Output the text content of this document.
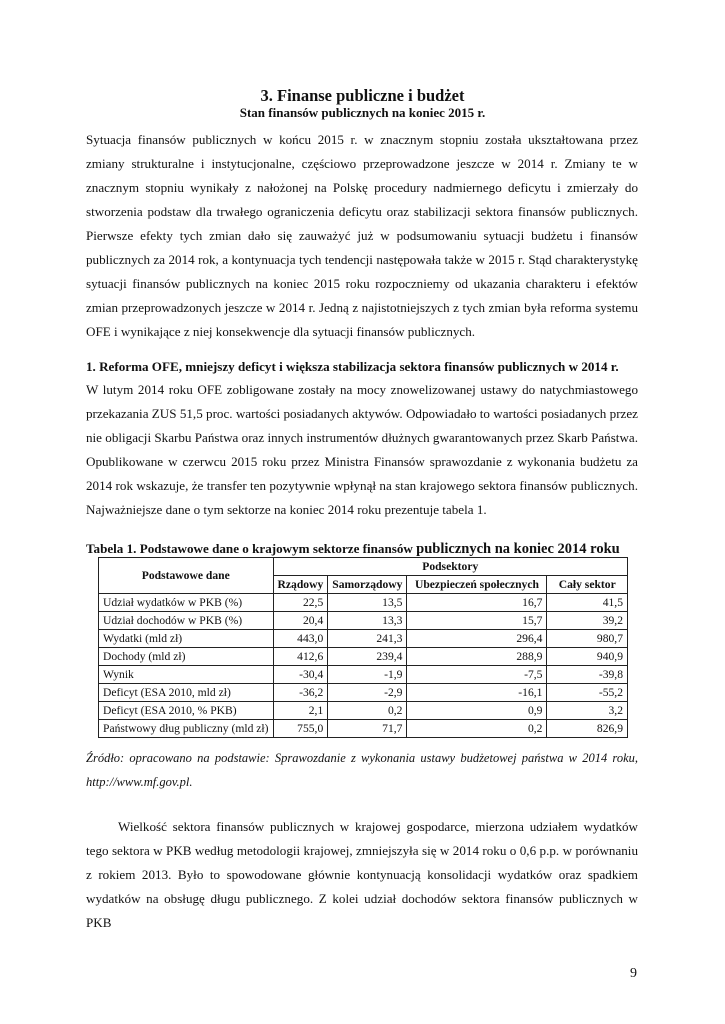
3. Finanse publiczne i budżet
Stan finansów publicznych na koniec 2015 r.

Sytuacja finansów publicznych w końcu 2015 r. w znacznym stopniu została ukształtowana przez zmiany strukturalne i instytucjonalne, częściowo przeprowadzone jeszcze w 2014 r. Zmiany te w znacznym stopniu wynikały z nałożonej na Polskę procedury nadmiernego deficytu i zmierzały do stworzenia podstaw dla trwałego ograniczenia deficytu oraz stabilizacji sektora finansów publicznych. Pierwsze efekty tych zmian dało się zauważyć już w podsumowaniu sytuacji budżetu i finansów publicznych za 2014 rok, a kontynuacja tych tendencji następowała także w 2015 r. Stąd charakterystykę sytuacji finansów publicznych na koniec 2015 roku rozpoczniemy od ukazania charakteru i efektów zmian przeprowadzonych jeszcze w 2014 r. Jedną z najistotniejszych z tych zmian była reforma systemu OFE i wynikające z niej konsekwencje dla sytuacji finansów publicznych.

1. Reforma OFE, mniejszy deficyt i większa stabilizacja sektora finansów publicznych w 2014 r.

W lutym 2014 roku OFE zobligowane zostały na mocy znowelizowanej ustawy do natychmiastowego przekazania ZUS 51,5 proc. wartości posiadanych aktywów. Odpowiadało to wartości posiadanych przez nie obligacji Skarbu Państwa oraz innych instrumentów dłużnych gwarantowanych przez Skarb Państwa. Opublikowane w czerwcu 2015 roku przez Ministra Finansów sprawozdanie z wykonania budżetu za 2014 rok wskazuje, że transfer ten pozytywnie wpłynął na stan krajowego sektora finansów publicznych. Najważniejsze dane o tym sektorze na koniec 2014 roku prezentuje tabela 1.

Tabela 1. Podstawowe dane o krajowym sektorze finansów publicznych na koniec 2014 roku

Podstawowe dane	Podsektory			
	Rządowy	Samorządowy	Ubezpieczeń społecznych	Cały sektor
Udział wydatków w PKB (%)	22,5	13,5	16,7	41,5
Udział dochodów w PKB (%)	20,4	13,3	15,7	39,2
Wydatki (mld zł)	443,0	241,3	296,4	980,7
Dochody (mld zł)	412,6	239,4	288,9	940,9
Wynik	-30,4	-1,9	-7,5	-39,8
Deficyt (ESA 2010, mld zł)	-36,2	-2,9	-16,1	-55,2
Deficyt (ESA 2010, % PKB)	2,1	0,2	0,9	3,2
Państwowy dług publiczny (mld zł)	755,0	71,7	0,2	826,9

Źródło: opracowano na podstawie: Sprawozdanie z wykonania ustawy budżetowej państwa w 2014 roku, http://www.mf.gov.pl.

Wielkość sektora finansów publicznych w krajowej gospodarce, mierzona udziałem wydatków tego sektora w PKB według metodologii krajowej, zmniejszyła się w 2014 roku o 0,6 p.p. w porównaniu z rokiem 2013. Było to spowodowane głównie kontynuacją konsolidacji wydatków oraz spadkiem wydatków na obsługę długu publicznego. Z kolei udział dochodów sektora finansów publicznych w PKB

9
